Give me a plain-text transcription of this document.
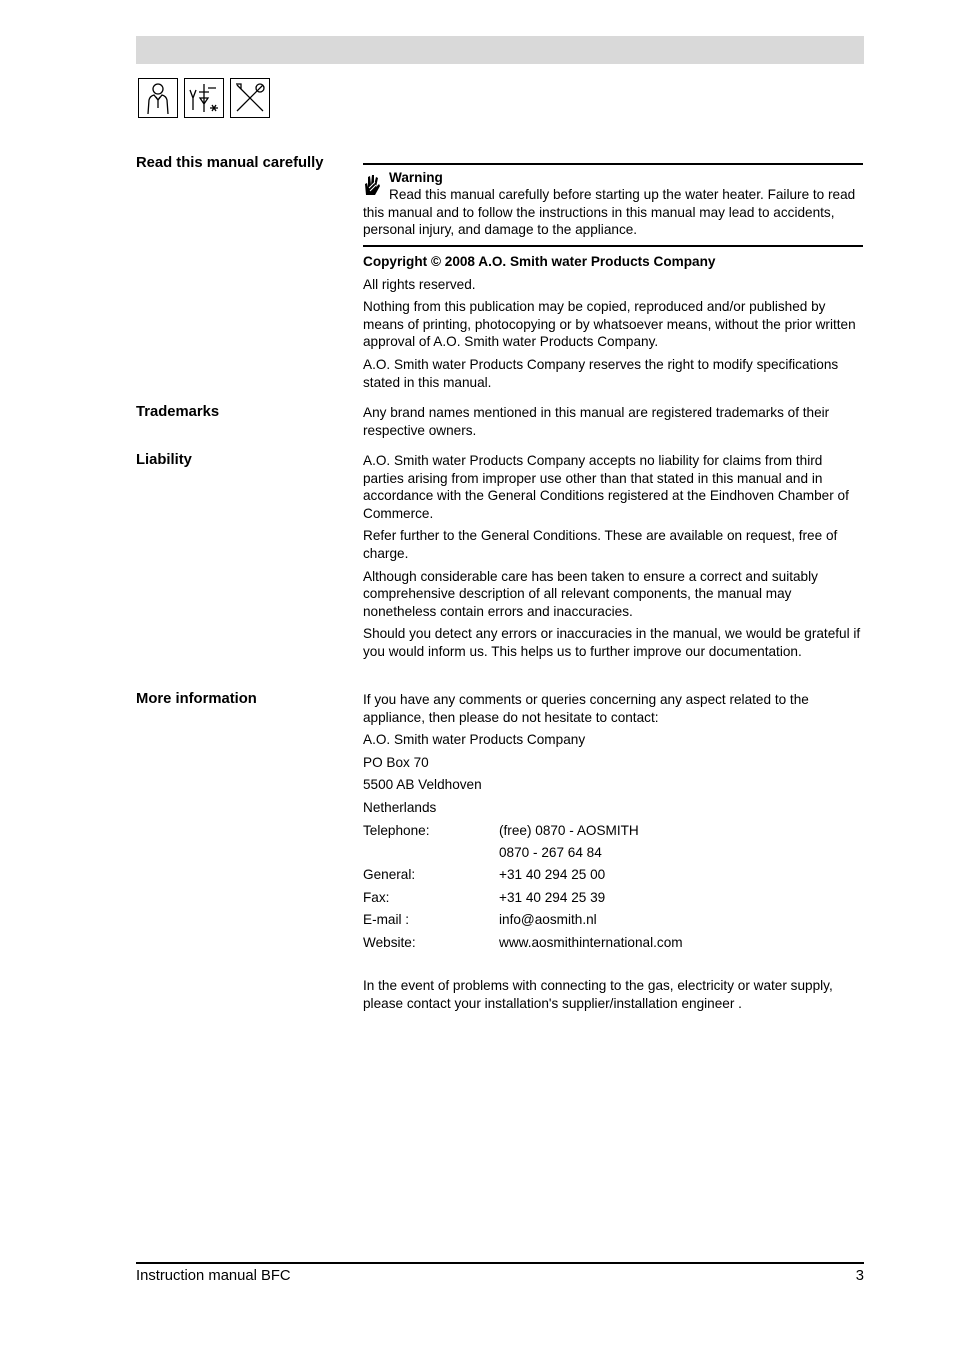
Read this manual carefully
Warning
Read this manual carefully before starting up the water heater. Failure to read this manual and to follow the instructions in this manual may lead to accidents, personal injury, and damage to the appliance.
Copyright © 2008 A.O. Smith water Products Company

All rights reserved.

Nothing from this publication may be copied, reproduced and/or published by means of printing, photocopying or by whatsoever means, without the prior written approval of A.O. Smith water Products Company.

A.O. Smith water Products Company reserves the right to modify specifications stated in this manual.

Trademarks	Any brand names mentioned in this manual are registered trademarks of their respective owners.

Liability	A.O. Smith water Products Company accepts no liability for claims from third parties arising from improper use other than that stated in this manual and in accordance with the General Conditions registered at the Eindhoven Chamber of Commerce.

Refer further to the General Conditions. These are available on request, free of charge.

Although considerable care has been taken to ensure a correct and suitably comprehensive description of all relevant components, the manual may nonetheless contain errors and inaccuracies.

Should you detect any errors or inaccuracies in the manual, we would be grateful if you would inform us. This helps us to further improve our documentation.

More information	If you have any comments or queries concerning any aspect related to the appliance, then please do not hesitate to contact:

A.O. Smith water Products Company

PO Box 70

5500 AB Veldhoven

Netherlands

Telephone:	(free) 0870 - AOSMITH
0870 - 267 64 84
General:	+31 40 294 25 00
Fax:	+31 40 294 25 39
E-mail :	info@aosmith.nl
Website:	www.aosmithinternational.com

In the event of problems with connecting to the gas, electricity or water supply, please contact your installation's supplier/installation engineer .

Instruction manual BFC	3
